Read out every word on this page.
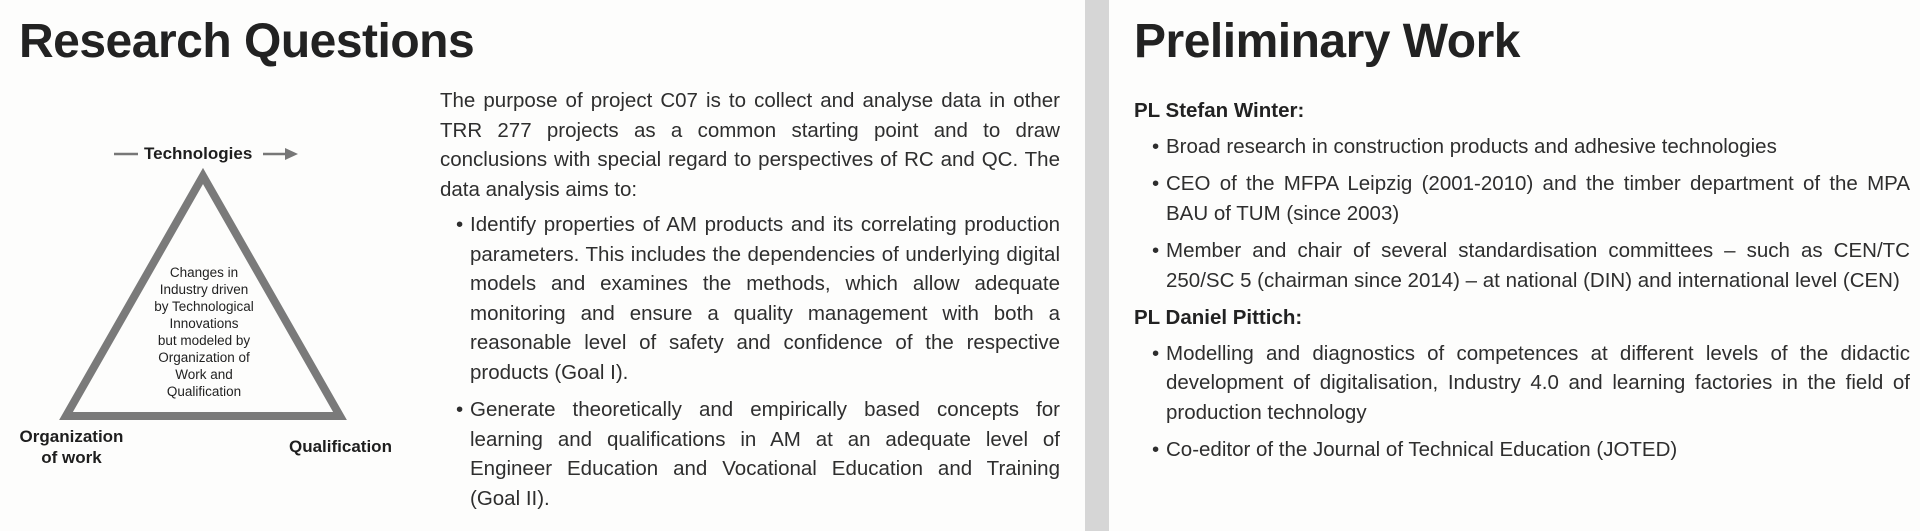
Research Questions
Technologies
Changes in
Industry driven
by Technological
Innovations
but modeled by
Organization of
Work and
Qualification
Organization
of work
Qualification

The purpose of project C07 is to collect and analyse data in other TRR 277 projects as a common starting point and to draw conclusions with special regard to perspectives of RC and QC. The data analysis aims to:

• Identify properties of AM products and its correlating production parameters. This includes the dependencies of underlying digital models and examines the methods, which allow adequate monitoring and ensure a quality management with both a reasonable level of safety and confidence of the respective products (Goal I).
• Generate theoretically and empirically based concepts for learning and qualifications in AM at an adequate level of Engineer Education and Vocational Education and Training (Goal II).
Preliminary Work

PL Stefan Winter:

• Broad research in construction products and adhesive technologies
• CEO of the MFPA Leipzig (2001-2010) and the timber department of the MPA BAU of TUM (since 2003)
• Member and chair of several standardisation committees – such as CEN/TC 250/SC 5 (chairman since 2014) – at national (DIN) and international level (CEN)

PL Daniel Pittich:

• Modelling and diagnostics of competences at different levels of the didactic development of digitalisation, Industry 4.0 and learning factories in the field of production technology
• Co-editor of the Journal of Technical Education (JOTED)
